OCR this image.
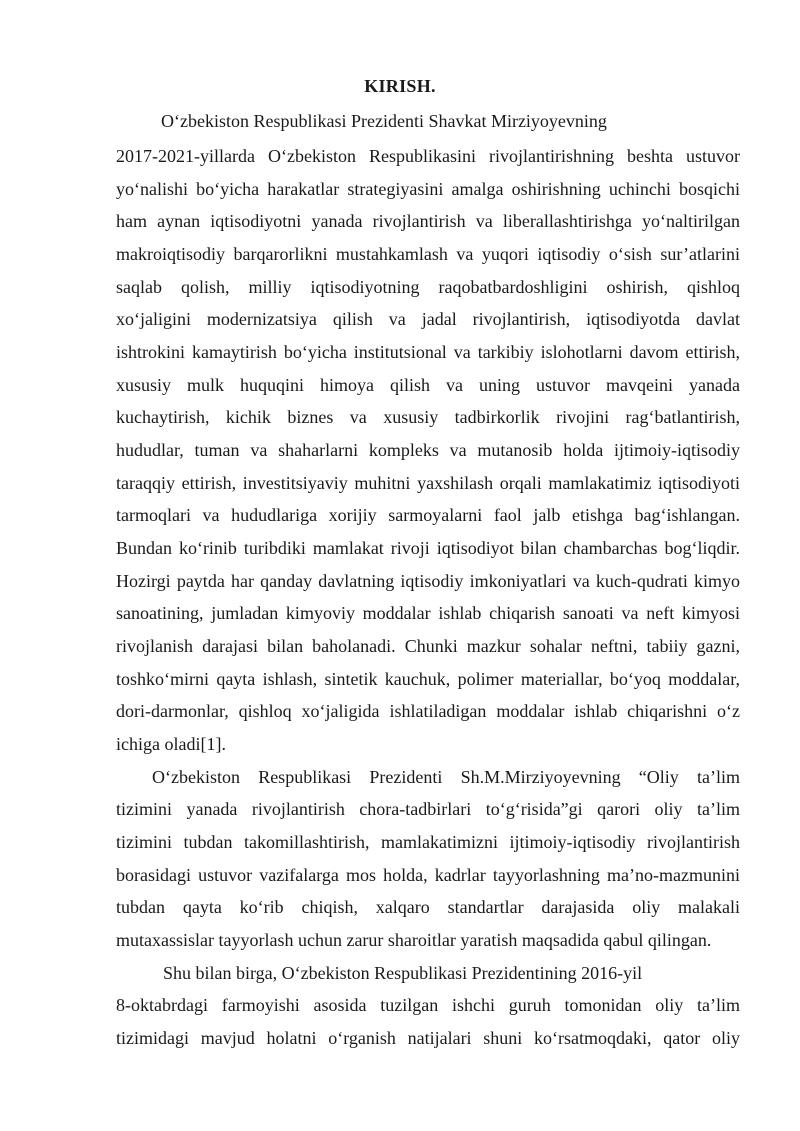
KIRISH.
O‘zbekiston Respublikasi Prezidenti Shavkat Mirziyoyevning
2017-2021-yillarda O‘zbekiston Respublikasini rivojlantirishning beshta ustuvor
yo‘nalishi bo‘yicha harakatlar strategiyasini amalga oshirishning uchinchi bosqichi
ham aynan iqtisodiyotni yanada rivojlantirish va liberallashtirishga yo‘naltirilgan
makroiqtisodiy barqarorlikni mustahkamlash va yuqori iqtisodiy o‘sish sur’atlarini
saqlab qolish, milliy iqtisodiyotning raqobatbardoshligini oshirish, qishloq
xo‘jaligini modernizatsiya qilish va jadal rivojlantirish, iqtisodiyotda davlat
ishtrokini kamaytirish bo‘yicha institutsional va tarkibiy islohotlarni davom ettirish,
xususiy mulk huquqini himoya qilish va uning ustuvor mavqeini yanada
kuchaytirish, kichik biznes va xususiy tadbirkorlik rivojini rag‘batlantirish,
hududlar, tuman va shaharlarni kompleks va mutanosib holda ijtimoiy-iqtisodiy
taraqqiy ettirish, investitsiyaviy muhitni yaxshilash orqali mamlakatimiz iqtisodiyoti
tarmoqlari va hududlariga xorijiy sarmoyalarni faol jalb etishga bag‘ishlangan.
Bundan ko‘rinib turibdiki mamlakat rivoji iqtisodiyot bilan chambarchas bog‘liqdir.
Hozirgi paytda har qanday davlatning iqtisodiy imkoniyatlari va kuch-qudrati kimyo
sanoatining, jumladan kimyoviy moddalar ishlab chiqarish sanoati va neft kimyosi
rivojlanish darajasi bilan baholanadi. Chunki mazkur sohalar neftni, tabiiy gazni,
toshko‘mirni qayta ishlash, sintetik kauchuk, polimer materiallar, bo‘yoq moddalar,
dori-darmonlar, qishloq xo‘jaligida ishlatiladigan moddalar ishlab chiqarishni o‘z
ichiga oladi[1].
O‘zbekiston Respublikasi Prezidenti Sh.M.Mirziyoyevning “Oliy ta’lim
tizimini yanada rivojlantirish chora-tadbirlari to‘g‘risida”gi qarori oliy ta’lim
tizimini tubdan takomillashtirish, mamlakatimizni ijtimoiy-iqtisodiy rivojlantirish
borasidagi ustuvor vazifalarga mos holda, kadrlar tayyorlashning ma’no-mazmunini
tubdan qayta ko‘rib chiqish, xalqaro standartlar darajasida oliy malakali
mutaxassislar tayyorlash uchun zarur sharoitlar yaratish maqsadida qabul qilingan.
Shu bilan birga, O‘zbekiston Respublikasi Prezidentining 2016-yil
8-oktabrdagi farmoyishi asosida tuzilgan ishchi guruh tomonidan oliy ta’lim
tizimidagi mavjud holatni o‘rganish natijalari shuni ko‘rsatmoqdaki, qator oliy
